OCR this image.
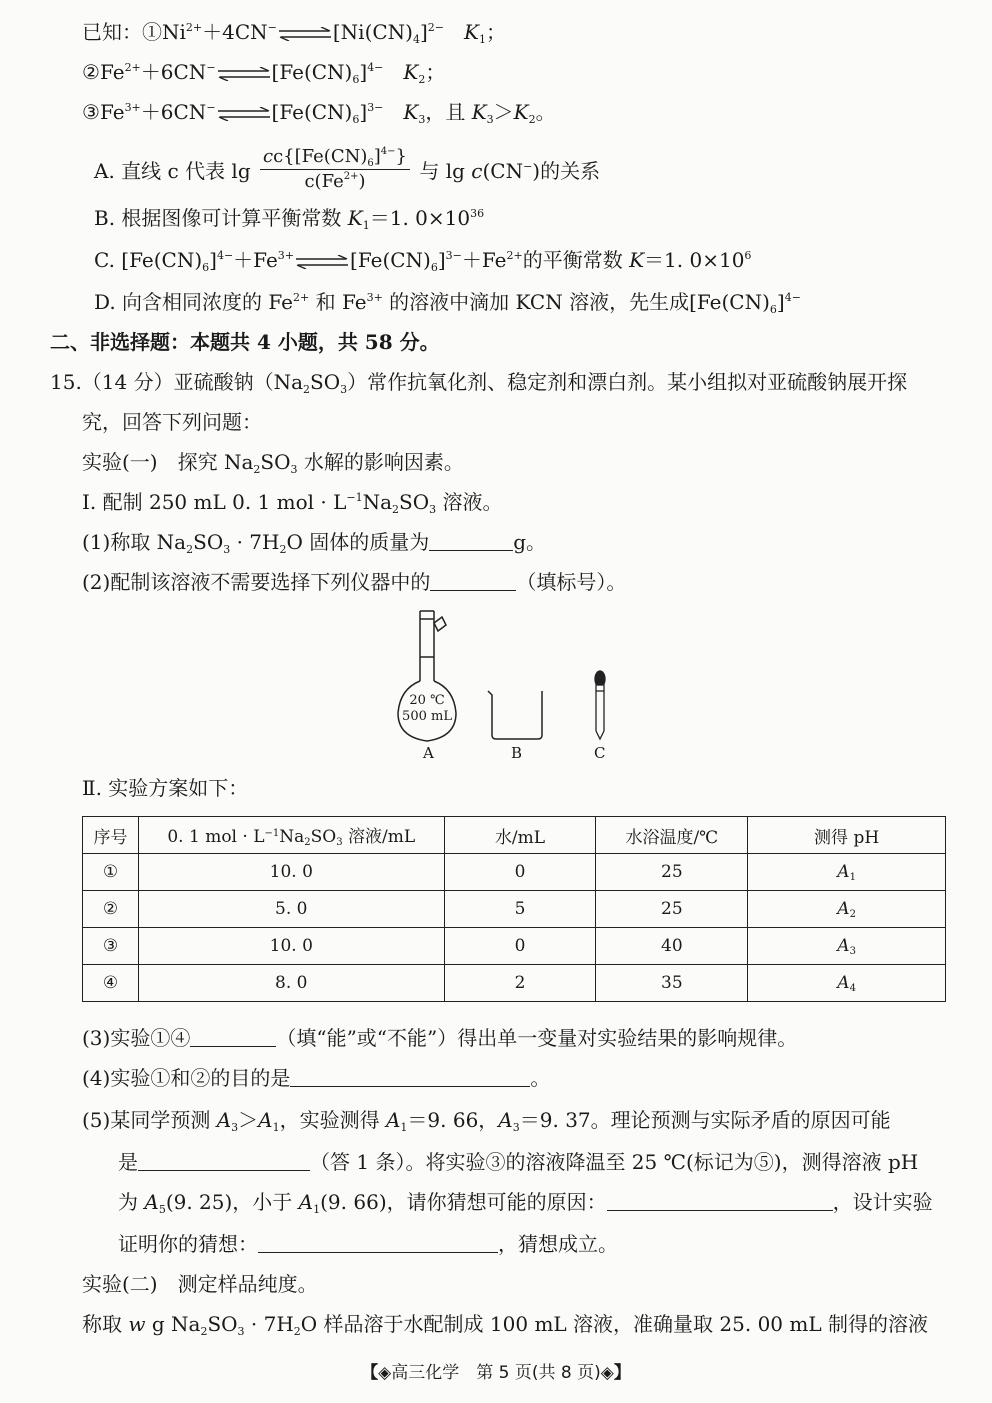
已知：$①Ni^{2+}+4CN^-\rightleftharpoons[Ni(CN)_4]^{2-}$  $K_1$；
$②Fe^{2+}+6CN^-\rightleftharpoons[Fe(CN)_6]^{4-}$  $K_2$；
$③Fe^{3+}+6CN^-\rightleftharpoons[Fe(CN)_6]^{3-}$  $K_3$，且 $K_3>K_2$。
A. 直线 c 代表 $\lg \frac{cc\{[Fe(CN)_6]^{4-}\}}{c(Fe^{2+})}$ 与 lg c(CN−)的关系
B. 根据图像可计算平衡常数 $K_1=1$. $0\times 10^{36}$
C. $[Fe(CN)_6]^{4-}+Fe^{3+}\rightleftharpoons[Fe(CN)_6]^{3-}+Fe^{2+}$的平衡常数 K＝1. $0\times 10^6$
D. 向含相同浓度的 $Fe^{2+}$ 和 $Fe^{3+}$ 的溶液中滴加 KCN 溶液，先生成$[Fe(CN)_6]^{4-}$
二、非选择题：本题共 4 小题，共 58 分。
15.（14 分）亚硫酸钠$(Na_2SO_3)$常作抗氧化剂、稳定剂和漂白剂。某小组拟对亚硫酸钠展开探
究，回答下列问题：
实验(一)　探究 $Na_2SO_3$ 水解的影响因素。
Ⅰ. 配制 250 mL 0. 1 mol · $L^{-1}Na_2SO_3$ 溶液。
(1)称取 $Na_2SO_3 \cdot 7H_2O$ 固体的质量为	g。
(2)配制该溶液不需要选择下列仪器中的	（填标号）。
20 ℃
500 mL
A	B	C
Ⅱ. 实验方案如下：
序号	0. 1 mol · $L^{-1}Na_2SO_3$ 溶液/mL	水/mL	水浴温度/℃	测得 pH
①	10. 0	0	25	$A_1$
②	5. 0	5	25	$A_2$
③	10. 0	0	40	$A_3$
④	8. 0	2	35	$A_4$
(3)实验①④	（填“能”或“不能”）得出单一变量对实验结果的影响规律。
(4)实验①和②的目的是	。
(5)某同学预测 $A_3>A_1$，实验测得 $A_1=9$. 66，$A_3=9$. 37。理论预测与实际矛盾的原因可能
是	（答 1 条）。将实验③的溶液降温至 25 ℃(标记为⑤)，测得溶液 pH
为 $A_5(9$. 25)，小于 $A_1(9$. 66)，请你猜想可能的原因：	，设计实验
证明你的猜想：	，猜想成立。
实验(二)　测定样品纯度。
称取 w g $Na_2SO_3 \cdot 7H_2O$ 样品溶于水配制成 100 mL 溶液，准确量取 25. 00 mL 制得的溶液
【◈高三化学　第 5 页(共 8 页)◈】
